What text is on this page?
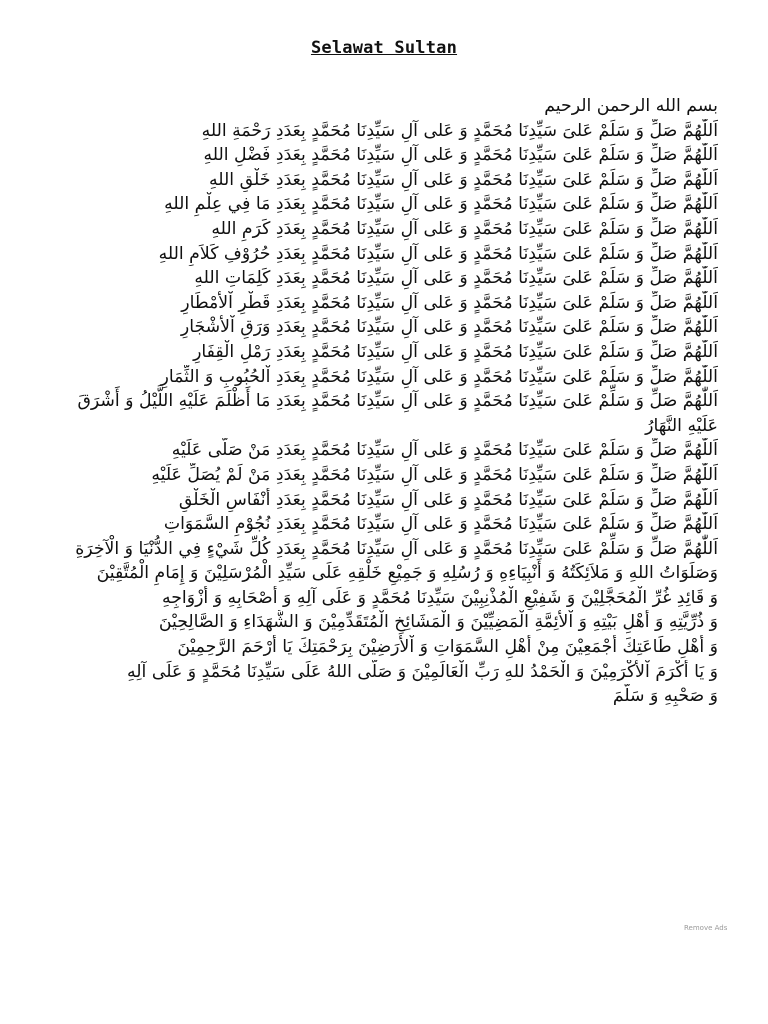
Selawat Sultan
بسم الله الرحمن الرحيم
اَللّٰهُمَّ صَلِّ وَ سَلِّمْ عَلىَ سَيِّدِنَا مُحَمَّدٍ وَ عَلى آلِ سَيِّدِنَا مُحَمَّدٍ بِعَدَدِ رَحْمَةِ اللهِ
اَللّٰهُمَّ صَلِّ وَ سَلِّمْ عَلىَ سَيِّدِنَا مُحَمَّدٍ وَ عَلى آلِ سَيِّدِنَا مُحَمَّدٍ بِعَدَدِ فَضْلِ اللهِ
اَللّٰهُمَّ صَلِّ وَ سَلِّمْ عَلىَ سَيِّدِنَا مُحَمَّدٍ وَ عَلى آلِ سَيِّدِنَا مُحَمَّدٍ بِعَدَدِ خَلْقِ اللهِ
اَللّٰهُمَّ صَلِّ وَ سَلِّمْ عَلىَ سَيِّدِنَا مُحَمَّدٍ وَ عَلى آلِ سَيِّدِنَا مُحَمَّدٍ بِعَدَدِ مَا فِي عِلْمِ اللهِ
اَللّٰهُمَّ صَلِّ وَ سَلِّمْ عَلىَ سَيِّدِنَا مُحَمَّدٍ وَ عَلى آلِ سَيِّدِنَا مُحَمَّدٍ بِعَدَدِ كَرَمِ اللهِ
اَللّٰهُمَّ صَلِّ وَ سَلِّمْ عَلىَ سَيِّدِنَا مُحَمَّدٍ وَ عَلى آلِ سَيِّدِنَا مُحَمَّدٍ بِعَدَدِ حُرُوْفِ كَلاَمِ اللهِ
اَللّٰهُمَّ صَلِّ وَ سَلِّمْ عَلىَ سَيِّدِنَا مُحَمَّدٍ وَ عَلى آلِ سَيِّدِنَا مُحَمَّدٍ بِعَدَدِ كَلِمَاتِ اللهِ
اَللّٰهُمَّ صَلِّ وَ سَلِّمْ عَلىَ سَيِّدِنَا مُحَمَّدٍ وَ عَلى آلِ سَيِّدِنَا مُحَمَّدٍ بِعَدَدِ قَطْرِ اْلأَمْطَارِ
اَللّٰهُمَّ صَلِّ وَ سَلِّمْ عَلىَ سَيِّدِنَا مُحَمَّدٍ وَ عَلى آلِ سَيِّدِنَا مُحَمَّدٍ بِعَدَدِ وَرَقِ اْلأَشْجَارِ
اَللّٰهُمَّ صَلِّ وَ سَلِّمْ عَلىَ سَيِّدِنَا مُحَمَّدٍ وَ عَلى آلِ سَيِّدِنَا مُحَمَّدٍ بِعَدَدِ رَمْلِ الْقِفَارِ
اَللّٰهُمَّ صَلِّ وَ سَلِّمْ عَلىَ سَيِّدِنَا مُحَمَّدٍ وَ عَلى آلِ سَيِّدِنَا مُحَمَّدٍ بِعَدَدِ اْلحُبُوبِ وَ الثِّمَارِ
اَللّٰهُمَّ صَلِّ وَ سَلِّمْ عَلىَ سَيِّدِنَا مُحَمَّدٍ وَ عَلى آلِ سَيِّدِنَا مُحَمَّدٍ بِعَدَدِ مَا أَظْلَمَ عَلَيْهِ اللَّيْلُ وَ أَشْرَقَ عَلَيْهِ النَّهَارُ
اَللّٰهُمَّ صَلِّ وَ سَلِّمْ عَلىَ سَيِّدِنَا مُحَمَّدٍ وَ عَلى آلِ سَيِّدِنَا مُحَمَّدٍ بِعَدَدِ مَنْ صَلَّى عَلَيْهِ
اَللّٰهُمَّ صَلِّ وَ سَلِّمْ عَلىَ سَيِّدِنَا مُحَمَّدٍ وَ عَلى آلِ سَيِّدِنَا مُحَمَّدٍ بِعَدَدِ مَنْ لَمْ يُصَلِّ عَلَيْهِ
اَللّٰهُمَّ صَلِّ وَ سَلِّمْ عَلىَ سَيِّدِنَا مُحَمَّدٍ وَ عَلى آلِ سَيِّدِنَا مُحَمَّدٍ بِعَدَدِ أَنْفَاسِ الْخَلْقِ
اَللّٰهُمَّ صَلِّ وَ سَلِّمْ عَلىَ سَيِّدِنَا مُحَمَّدٍ وَ عَلى آلِ سَيِّدِنَا مُحَمَّدٍ بِعَدَدِ نُجُوْمِ السَّمَوَاتِ
اَللّٰهُمَّ صَلِّ وَ سَلِّمْ عَلىَ سَيِّدِنَا مُحَمَّدٍ وَ عَلى آلِ سَيِّدِنَا مُحَمَّدٍ بِعَدَدِ كُلِّ شَيْءٍ فِي الدُّنْيَا وَ الْآخِرَةِ
وَصَلَوَاتُ اللهِ وَ مَلاَئِكَتُهُ وَ أَنْبِيَاءِهِ وَ رُسُلِهِ وَ جَمِيْعِ خَلْقِهِ عَلَى سَيِّدِ الْمُرْسَلِيْنَ وَ إِمَامِ الْمُتَّقِيْنَ
وَ قَائِدِ غُرِّ الْمُحَجَّلِيْنَ وَ شَفِيْعِ الْمُذْنِبِيْنَ سَيِّدِنَا مُحَمَّدٍ وَ عَلَى آلِهِ وَ أَصْحَابِهِ وَ أَزْوَاجِهِ
وَ ذُرِّيَّتِهِ وَ أَهْلِ بَيْتِهِ وَ اْلأَئِمَّةِ الْمَضِيِّيْنَ وَ الْمَشَائِخِ الْمُتَقَدِّمِيْنَ وَ الشُّهَدَاءِ وَ الصَّالِحِيْنَ
وَ أَهْلِ طَاعَتِكَ أَجْمَعِيْنَ مِنْ أَهْلِ السَّمَوَاتِ وَ اْلأَرَضِيْنَ بِرَحْمَتِكَ يَا أَرْحَمَ الرَّحِمِيْنَ
وَ يَا أَكْرَمَ اْلأَكْرَمِيْنَ وَ الْحَمْدُ للهِ رَبِّ الْعَالَمِيْنَ وَ صَلَّى اللهُ عَلَى سَيِّدِنَا مُحَمَّدٍ وَ عَلَى آلِهِ
وَ صَحْبِهِ وَ سَلَّمَ
Remove Ads
